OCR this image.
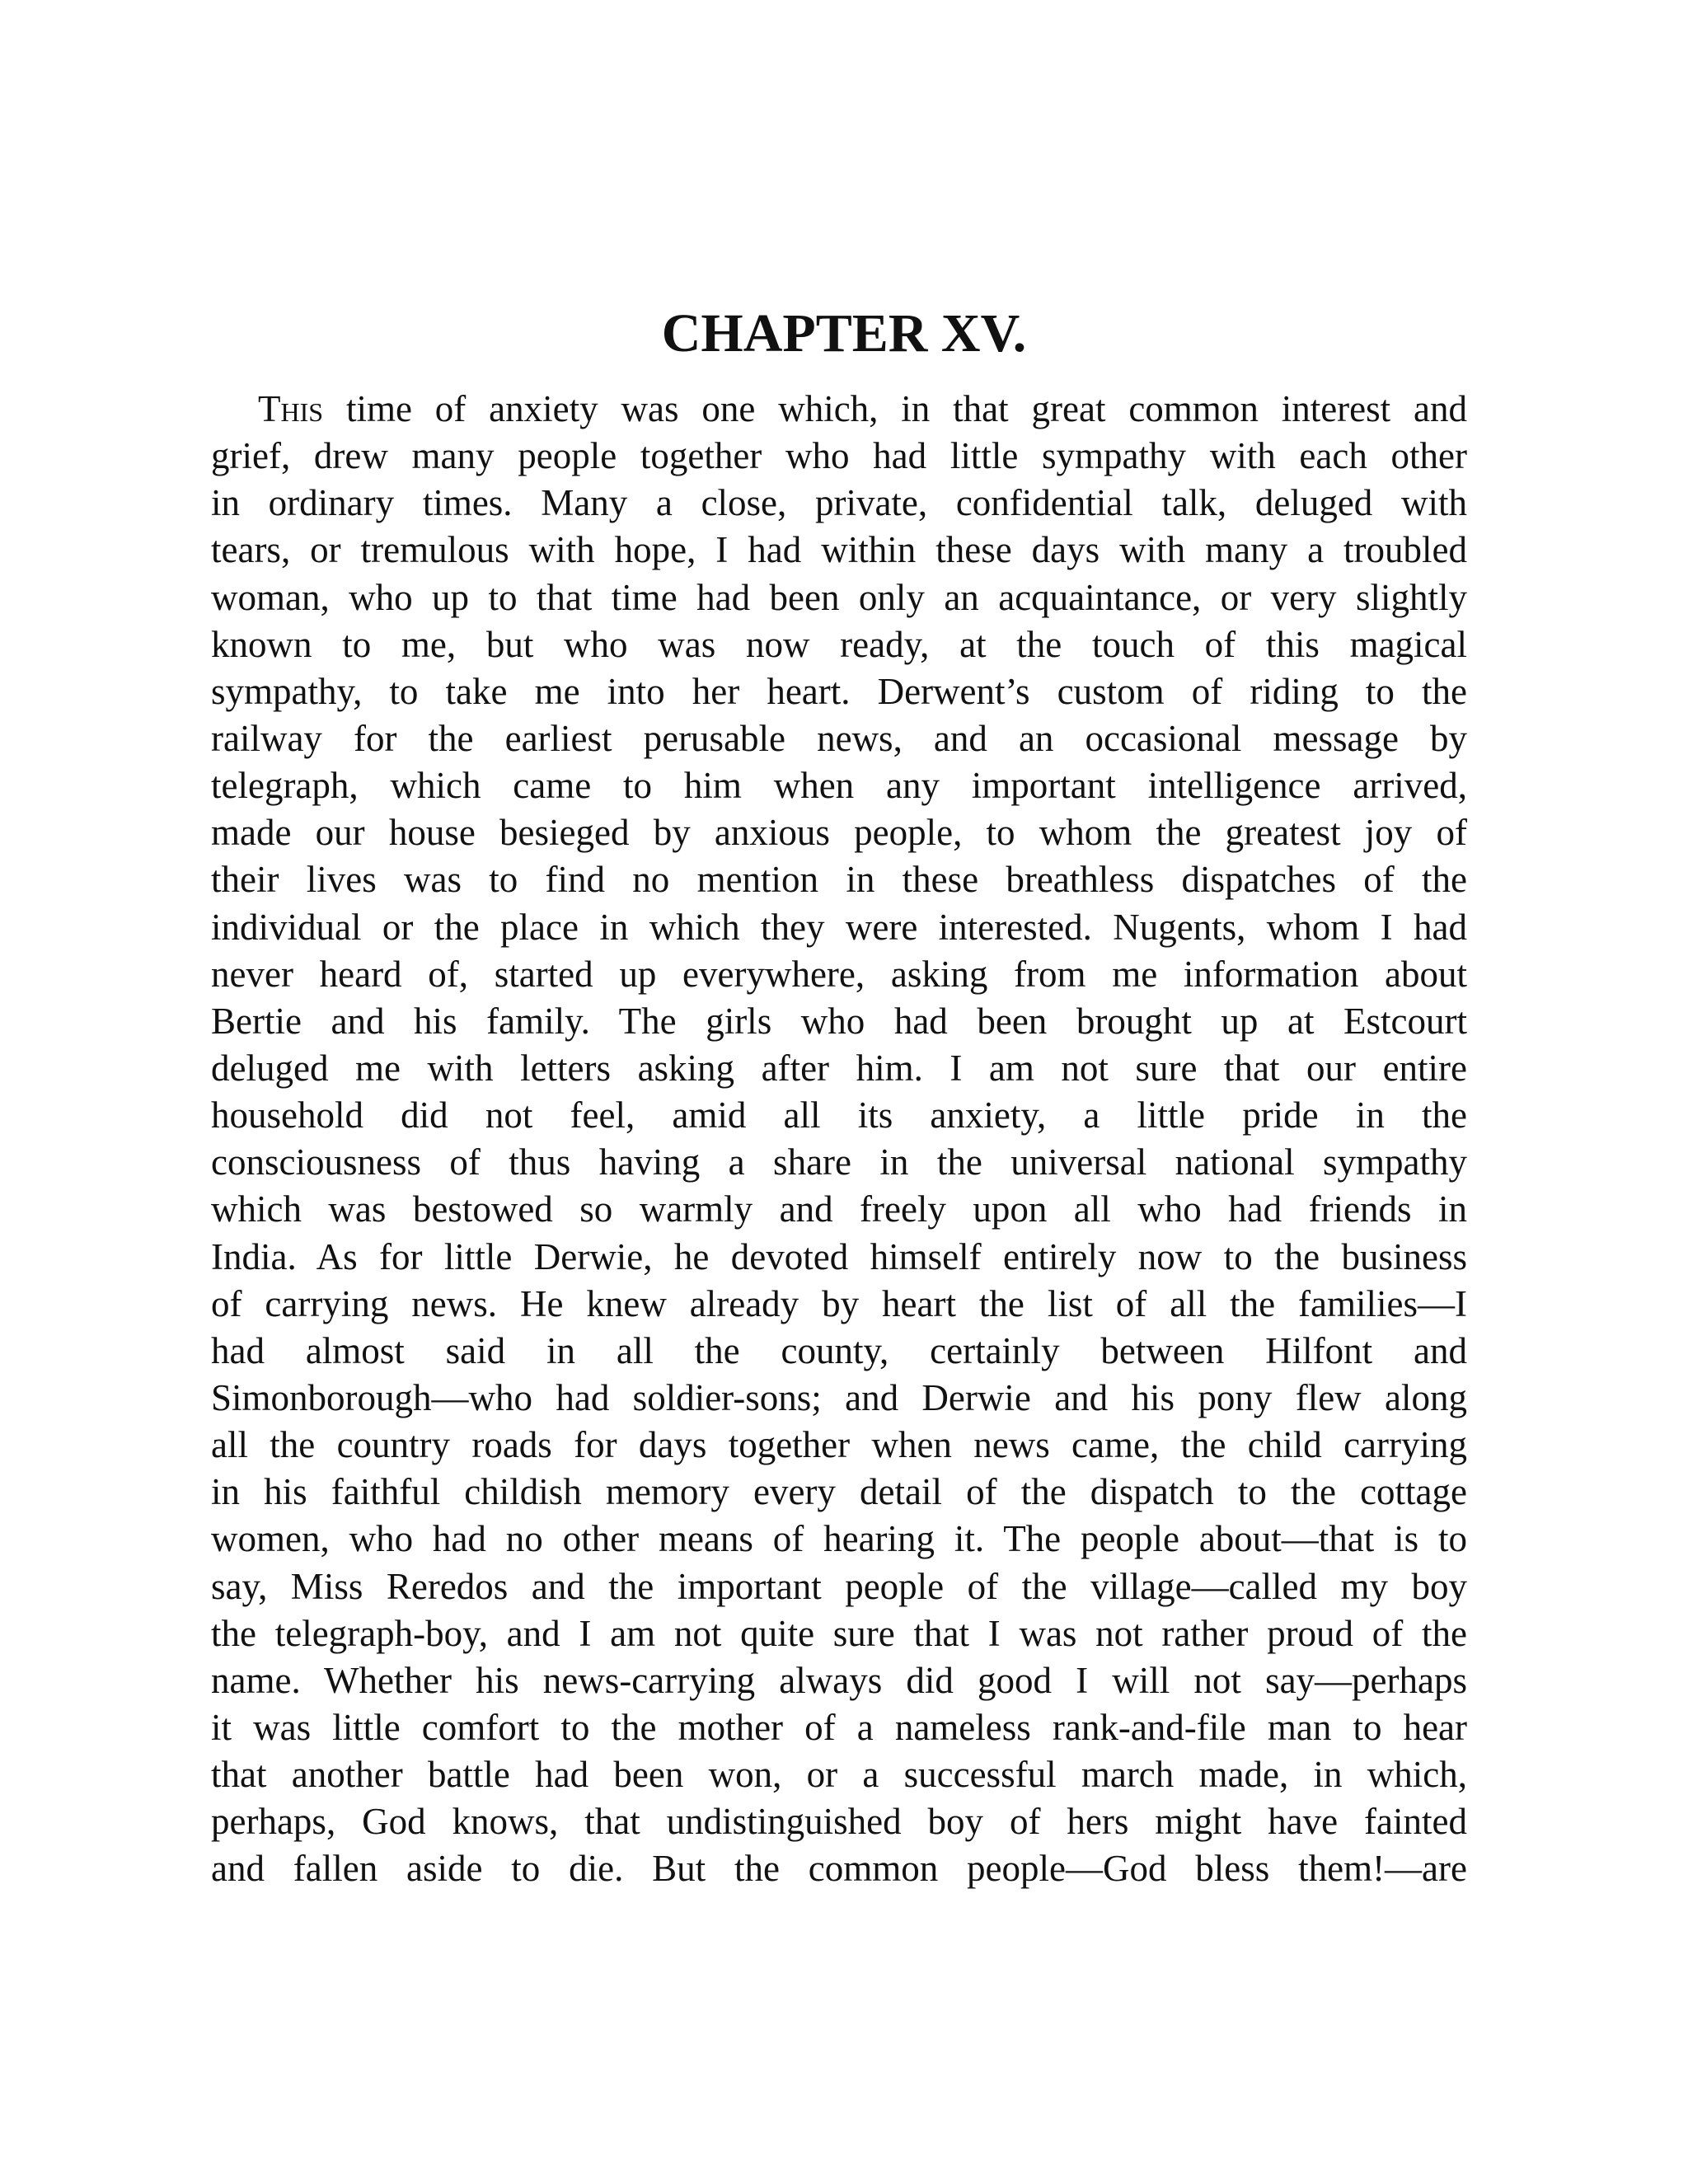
CHAPTER XV.
This time of anxiety was one which, in that great common interest and
grief, drew many people together who had little sympathy with each other
in ordinary times. Many a close, private, confidential talk, deluged with
tears, or tremulous with hope, I had within these days with many a troubled
woman, who up to that time had been only an acquaintance, or very slightly
known to me, but who was now ready, at the touch of this magical
sympathy, to take me into her heart. Derwent’s custom of riding to the
railway for the earliest perusable news, and an occasional message by
telegraph, which came to him when any important intelligence arrived,
made our house besieged by anxious people, to whom the greatest joy of
their lives was to find no mention in these breathless dispatches of the
individual or the place in which they were interested. Nugents, whom I had
never heard of, started up everywhere, asking from me information about
Bertie and his family. The girls who had been brought up at Estcourt
deluged me with letters asking after him. I am not sure that our entire
household did not feel, amid all its anxiety, a little pride in the
consciousness of thus having a share in the universal national sympathy
which was bestowed so warmly and freely upon all who had friends in
India. As for little Derwie, he devoted himself entirely now to the business
of carrying news. He knew already by heart the list of all the families—I
had almost said in all the county, certainly between Hilfont and
Simonborough—who had soldier-sons; and Derwie and his pony flew along
all the country roads for days together when news came, the child carrying
in his faithful childish memory every detail of the dispatch to the cottage
women, who had no other means of hearing it. The people about—that is to
say, Miss Reredos and the important people of the village—called my boy
the telegraph-boy, and I am not quite sure that I was not rather proud of the
name. Whether his news-carrying always did good I will not say—perhaps
it was little comfort to the mother of a nameless rank-and-file man to hear
that another battle had been won, or a successful march made, in which,
perhaps, God knows, that undistinguished boy of hers might have fainted
and fallen aside to die. But the common people—God bless them!—are
